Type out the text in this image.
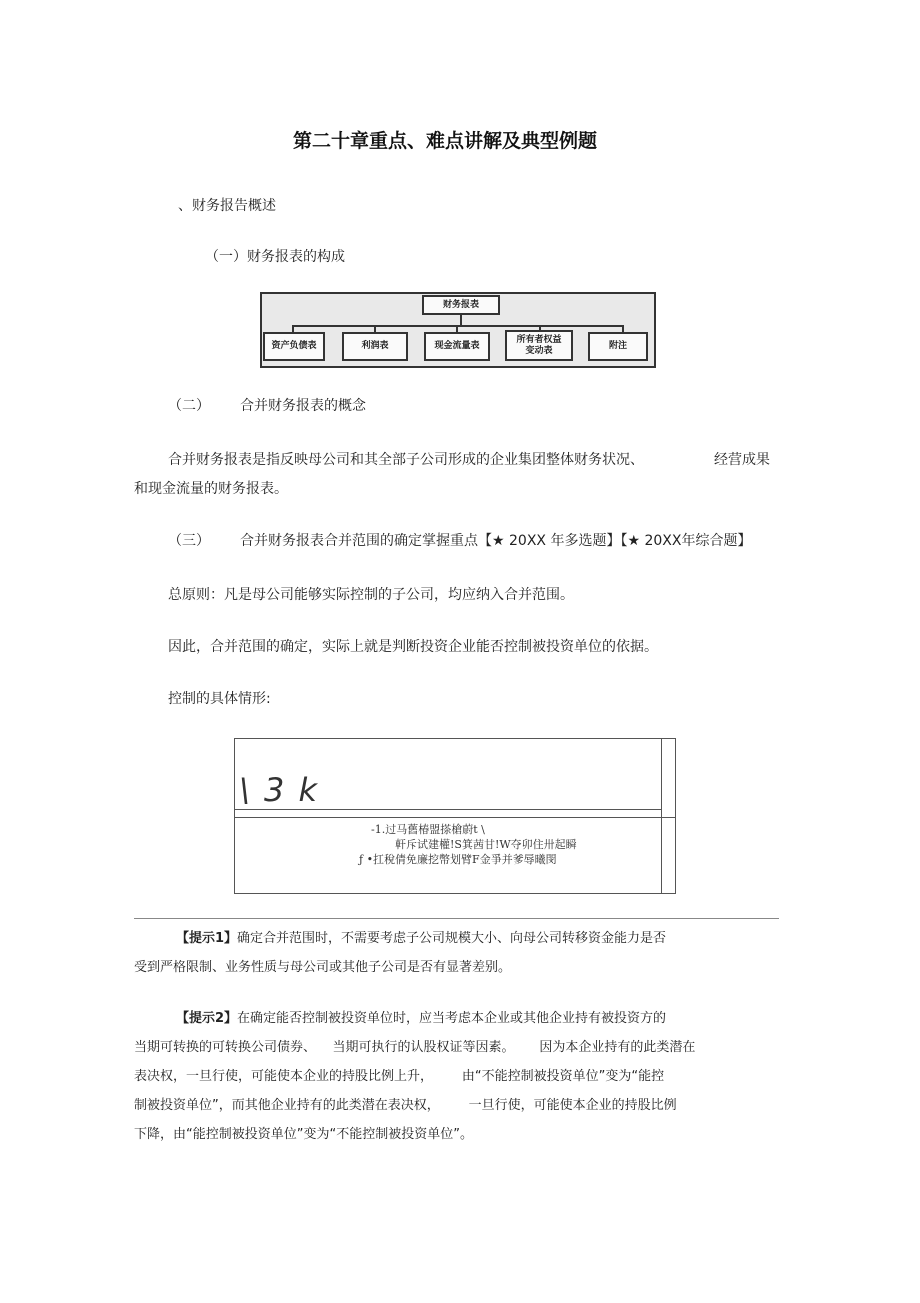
第二十章重点、难点讲解及典型例题
、财务报告概述
（一）财务报表的构成
财务报表
资产负债表	利润表	现金流量表
所有者权益变动表	附注
（二） 合并财务报表的概念
合并财务报表是指反映母公司和其全部子公司形成的企业集团整体财务状况、	经营成果
和现金流量的财务报表。
（三） 合并财务报表合并范围的确定掌握重点【★ 20XX 年多选题】【★ 20XX年综合题】
总原则：凡是母公司能够实际控制的子公司，均应纳入合并范围。
因此，合并范围的确定，实际上就是判断投资企业能否控制被投资单位的依据。
控制的具体情形:
\ 3 k
-1.过马舊椿盟搽槍蔚t \
軒斥试建權!S箕茜甘!W夺卯住卅起瞬
ƒ •扛稅倩免廉挖幣划臂F金爭并爹辱曦閔
【提示1】确定合并范围时，不需要考虑子公司规模大小、向母公司转移资金能力是否
受到严格限制、业务性质与母公司或其他子公司是否有显著差别。
【提示2】在确定能否控制被投资单位时，应当考虑本企业或其他企业持有被投资方的
当期可转换的可转换公司债券、    当期可执行的认股权证等因素。      因为本企业持有的此类潜在
表决权，一旦行使，可能使本企业的持股比例上升，       由“不能控制被投资单位”变为“能控
制被投资单位”，而其他企业持有的此类潜在表决权，       一旦行使，可能使本企业的持股比例
下降，由“能控制被投资单位”变为“不能控制被投资单位”。
